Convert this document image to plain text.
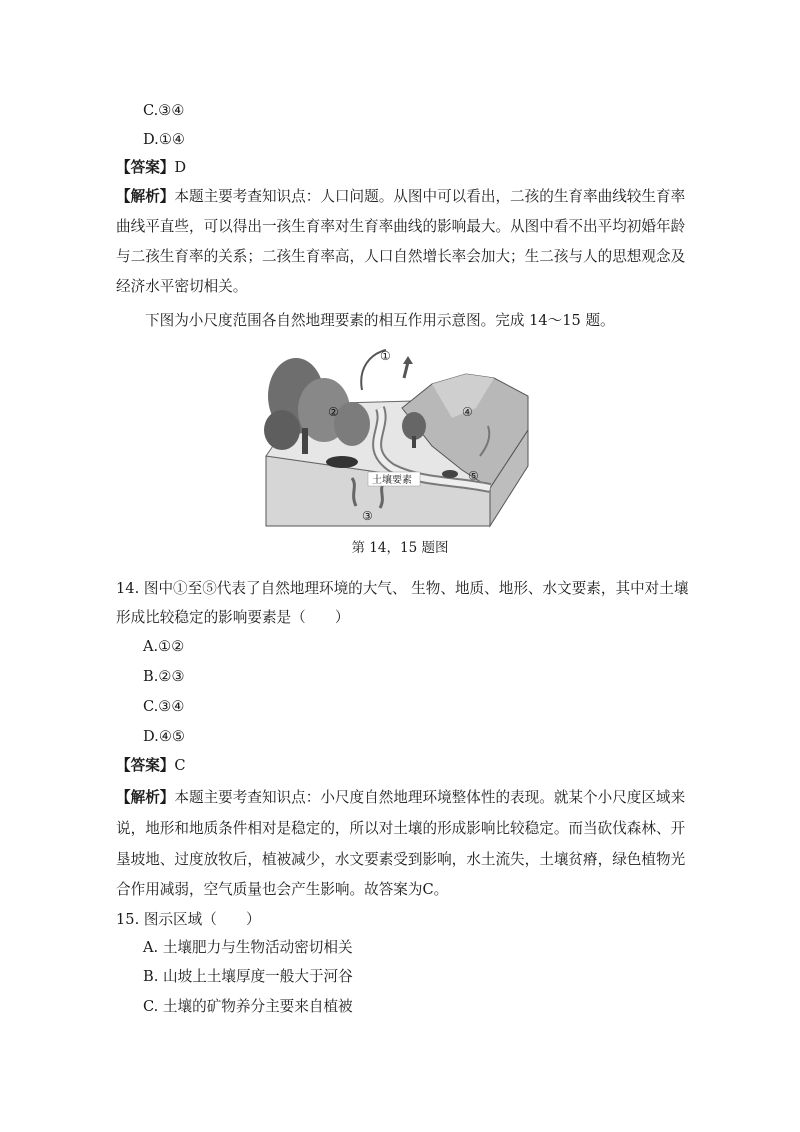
C.③④
D.①④
【答案】D
【解析】本题主要考查知识点：人口问题。从图中可以看出，二孩的生育率曲线较生育率
曲线平直些，可以得出一孩生育率对生育率曲线的影响最大。从图中看不出平均初婚年龄
与二孩生育率的关系；二孩生育率高，人口自然增长率会加大；生二孩与人的思想观念及
经济水平密切相关。
下图为小尺度范围各自然地理要素的相互作用示意图。完成 14～15 题。
①
②
③
④
⑤
土壤要素
第 14，15 题图
14. 图中①至⑤代表了自然地理环境的大气、 生物、地质、地形、水文要素，其中对土壤
形成比较稳定的影响要素是（　　）
A.①②
B.②③
C.③④
D.④⑤
【答案】C
【解析】本题主要考查知识点：小尺度自然地理环境整体性的表现。就某个小尺度区域来
说，地形和地质条件相对是稳定的，所以对土壤的形成影响比较稳定。而当砍伐森林、开
垦坡地、过度放牧后，植被减少，水文要素受到影响，水土流失，土壤贫瘠，绿色植物光
合作用减弱，空气质量也会产生影响。故答案为C。
15. 图示区域（　　）
A. 土壤肥力与生物活动密切相关
B. 山坡上土壤厚度一般大于河谷
C. 土壤的矿物养分主要来自植被
